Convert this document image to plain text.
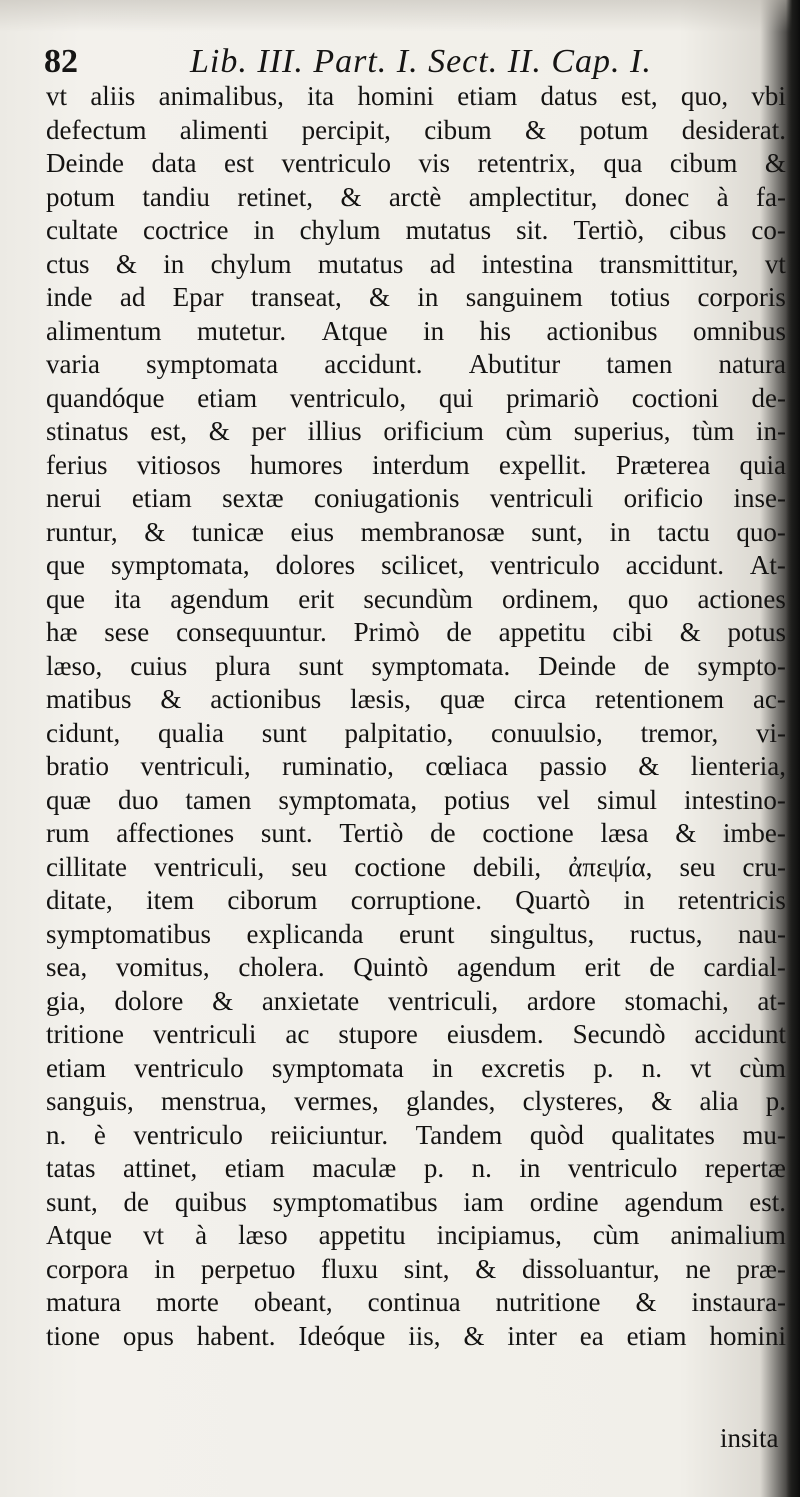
82	Lib. III. Part. I. Sect. II. Cap. I.
vt aliis animalibus, ita homini etiam datus est, quo, vbi
defectum alimenti percipit, cibum & potum desiderat.
Deinde data est ventriculo vis retentrix, qua cibum &
potum tandiu retinet, & arctè amplectitur, donec à fa-
cultate coctrice in chylum mutatus sit. Tertiò, cibus co-
ctus & in chylum mutatus ad intestina transmittitur, vt
inde ad Epar transeat, & in sanguinem totius corporis
alimentum mutetur. Atque in his actionibus omnibus
varia symptomata accidunt. Abutitur tamen natura
quandóque etiam ventriculo, qui primariò coctioni de-
stinatus est, & per illius orificium cùm superius, tùm in-
ferius vitiosos humores interdum expellit. Præterea quia
nerui etiam sextæ coniugationis ventriculi orificio inse-
runtur, & tunicæ eius membranosæ sunt, in tactu quo-
que symptomata, dolores scilicet, ventriculo accidunt. At-
que ita agendum erit secundùm ordinem, quo actiones
hæ sese consequuntur. Primò de appetitu cibi & potus
læso, cuius plura sunt symptomata. Deinde de sympto-
matibus & actionibus læsis, quæ circa retentionem ac-
cidunt, qualia sunt palpitatio, conuulsio, tremor, vi-
bratio ventriculi, ruminatio, cœliaca passio & lienteria,
quæ duo tamen symptomata, potius vel simul intestino-
rum affectiones sunt. Tertiò de coctione læsa & imbe-
cillitate ventriculi, seu coctione debili, ἀπεψία, seu cru-
ditate, item ciborum corruptione. Quartò in retentricis
symptomatibus explicanda erunt singultus, ructus, nau-
sea, vomitus, cholera. Quintò agendum erit de cardial-
gia, dolore & anxietate ventriculi, ardore stomachi, at-
tritione ventriculi ac stupore eiusdem. Secundò accidunt
etiam ventriculo symptomata in excretis p. n. vt cùm
sanguis, menstrua, vermes, glandes, clysteres, & alia p.
n. è ventriculo reiiciuntur. Tandem quòd qualitates mu-
tatas attinet, etiam maculæ p. n. in ventriculo repertæ
sunt, de quibus symptomatibus iam ordine agendum est.
Atque vt à læso appetitu incipiamus, cùm animalium
corpora in perpetuo fluxu sint, & dissoluantur, ne præ-
matura morte obeant, continua nutritione & instaura-
tione opus habent. Ideóque iis, & inter ea etiam homini
insita
